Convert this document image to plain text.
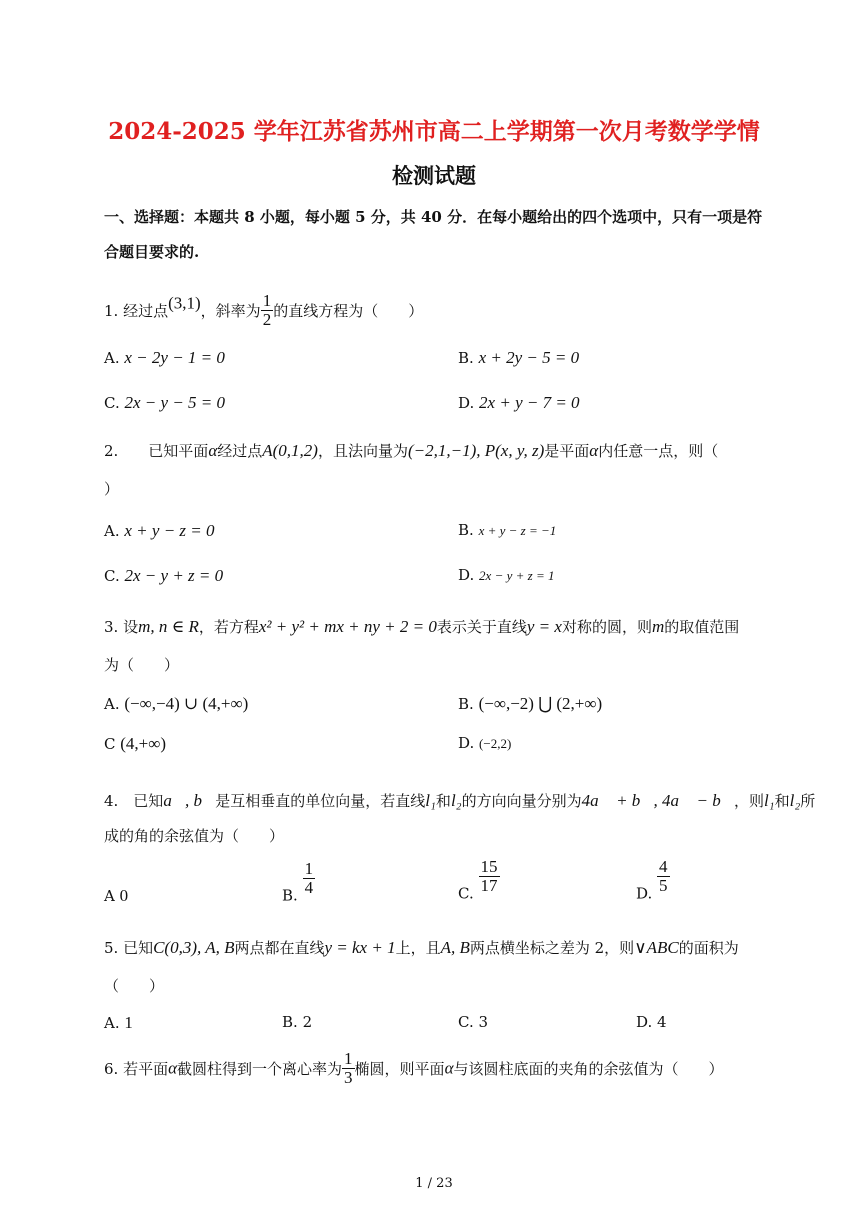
2024-2025 学年江苏省苏州市高二上学期第一次月考数学学情
检测试题
一、选择题：本题共 8 小题，每小题 5 分，共 40 分．在每小题给出的四个选项中，只有一项是符
合题目要求的.
1. 经过点(3,1)，斜率为 $\frac{1}{2}$ 的直线方程为（　　）
A. x − 2y − 1 = 0	B. x + 2y − 5 = 0
C. 2x − y − 5 = 0	D. 2x + y − 7 = 0
2.　　已知平面α经过点A(0,1,2)，且法向量为(−2,1,−1), P(x, y, z)是平面α内任意一点，则（
）
A. x + y − z = 0	B. x + y − z = −1
C. 2x − y + z = 0	D. 2x − y + z = 1
3. 设m, n ∈ R，若方程x² + y² + mx + ny + 2 = 0表示关于直线y = x对称的圆，则m的取值范围
为（　　）
A. (−∞,−4) ∪ (4,+∞)	B. (−∞,−2) ⋃ (2,+∞)
C (4,+∞)	D. (−2,2)
4.　已知a⃗, b⃗是互相垂直的单位向量，若直线l₁和l₂的方向向量分别为4a⃗ + b⃗, 4a⃗ − b⃗，则l₁和l₂所
成的角的余弦值为（　　）
A 0	B. $\frac{1}{4}$	C. $\frac{15}{17}$	D. $\frac{4}{5}$
5. 已知C(0,3), A, B两点都在直线y = kx + 1上，且A, B两点横坐标之差为 2，则∨ABC的面积为
（　　）
A. 1	B. 2	C. 3	D. 4
6. 若平面α截圆柱得到一个离心率为 $\frac{1}{3}$ 椭圆，则平面α与该圆柱底面的夹角的余弦值为（　　）
1 / 23
